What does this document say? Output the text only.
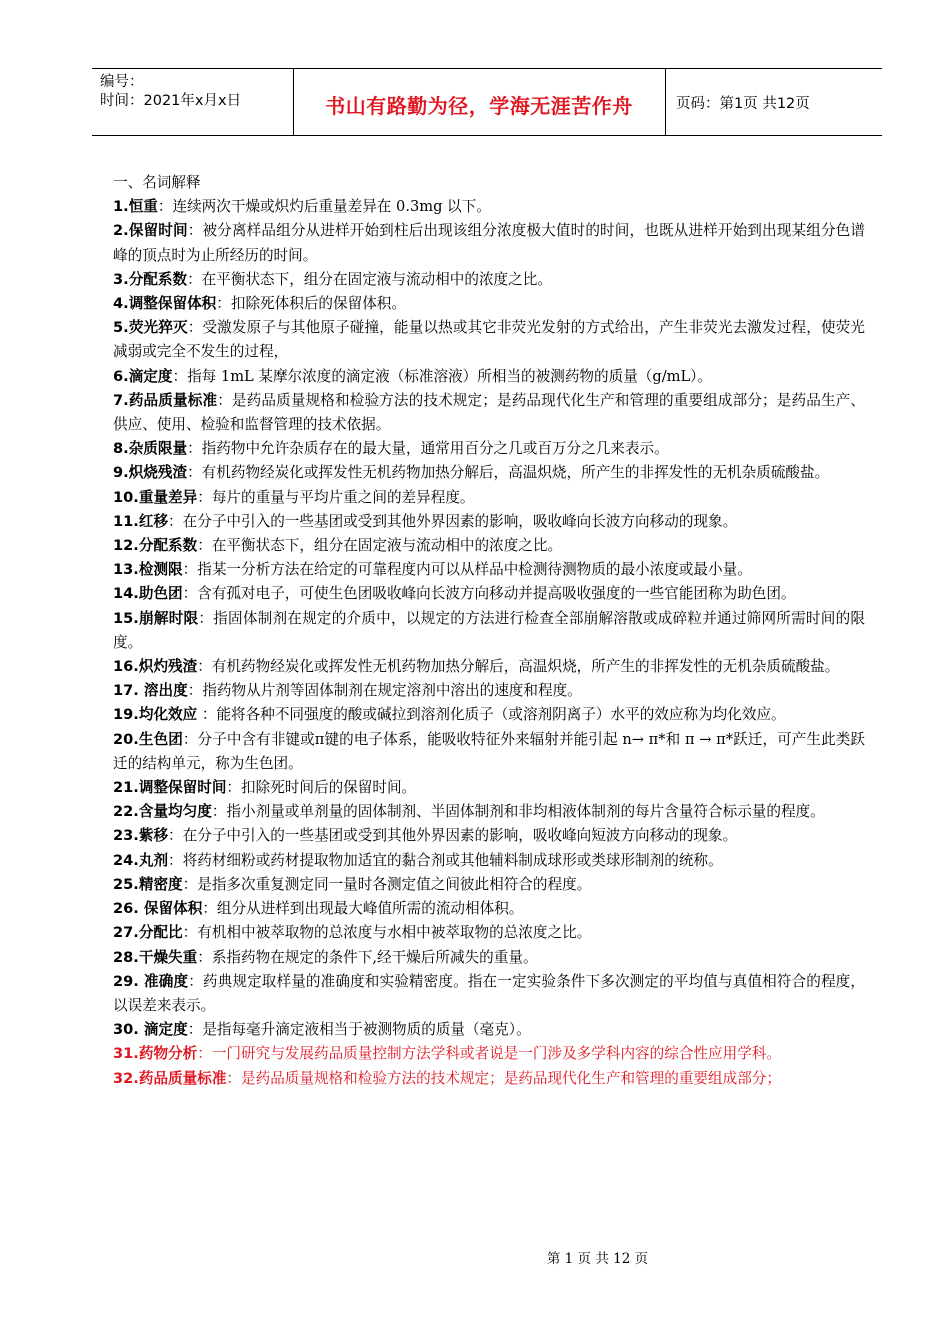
编号：
时间：2021年x月x日	书山有路勤为径，学海无涯苦作舟	页码：第1页 共12页
一、名词解释

1.恒重：连续两次干燥或炽灼后重量差异在 0.3mg 以下。

2.保留时间：被分离样品组分从进样开始到柱后出现该组分浓度极大值时的时间，也既从进样开始到出现某组分色谱峰的顶点时为止所经历的时间。

3.分配系数：在平衡状态下，组分在固定液与流动相中的浓度之比。

4.调整保留体积：扣除死体积后的保留体积。

5.荧光猝灭：受激发原子与其他原子碰撞，能量以热或其它非荧光发射的方式给出，产生非荧光去激发过程，使荧光减弱或完全不发生的过程，

6.滴定度：指每 1mL 某摩尔浓度的滴定液（标准溶液）所相当的被测药物的质量（g/mL）。

7.药品质量标准：是药品质量规格和检验方法的技术规定；是药品现代化生产和管理的重要组成部分；是药品生产、供应、使用、检验和监督管理的技术依据。

8.杂质限量：指药物中允许杂质存在的最大量，通常用百分之几或百万分之几来表示。

9.炽烧残渣：有机药物经炭化或挥发性无机药物加热分解后，高温炽烧，所产生的非挥发性的无机杂质硫酸盐。

10.重量差异：每片的重量与平均片重之间的差异程度。

11.红移：在分子中引入的一些基团或受到其他外界因素的影响，吸收峰向长波方向移动的现象。

12.分配系数：在平衡状态下，组分在固定液与流动相中的浓度之比。

13.检测限：指某一分析方法在给定的可靠程度内可以从样品中检测待测物质的最小浓度或最小量。

14.助色团：含有孤对电子，可使生色团吸收峰向长波方向移动并提高吸收强度的一些官能团称为助色团。

15.崩解时限：指固体制剂在规定的介质中，以规定的方法进行检查全部崩解溶散或成碎粒并通过筛网所需时间的限度。

16.炽灼残渣：有机药物经炭化或挥发性无机药物加热分解后，高温炽烧，所产生的非挥发性的无机杂质硫酸盐。

17. 溶出度：指药物从片剂等固体制剂在规定溶剂中溶出的速度和程度。

19.均化效应 ：能将各种不同强度的酸或碱拉到溶剂化质子（或溶剂阴离子）水平的效应称为均化效应。

20.生色团：分子中含有非键或π键的电子体系，能吸收特征外来辐射并能引起 n→ π*和 π → π*跃迁，可产生此类跃迁的结构单元，称为生色团。

21.调整保留时间：扣除死时间后的保留时间。

22.含量均匀度：指小剂量或单剂量的固体制剂、半固体制剂和非均相液体制剂的每片含量符合标示量的程度。

23.紫移：在分子中引入的一些基团或受到其他外界因素的影响，吸收峰向短波方向移动的现象。

24.丸剂：将药材细粉或药材提取物加适宜的黏合剂或其他辅料制成球形或类球形制剂的统称。

25.精密度：是指多次重复测定同一量时各测定值之间彼此相符合的程度。

26. 保留体积：组分从进样到出现最大峰值所需的流动相体积。

27.分配比：有机相中被萃取物的总浓度与水相中被萃取物的总浓度之比。

28.干燥失重：系指药物在规定的条件下,经干燥后所减失的重量。

29. 准确度：药典规定取样量的准确度和实验精密度。指在一定实验条件下多次测定的平均值与真值相符合的程度，以误差来表示。

30. 滴定度：是指每毫升滴定液相当于被测物质的质量（毫克）。

31.药物分析：一门研究与发展药品质量控制方法学科或者说是一门涉及多学科内容的综合性应用学科。

32.药品质量标准：是药品质量规格和检验方法的技术规定；是药品现代化生产和管理的重要组成部分；

第 1 页 共 12 页
